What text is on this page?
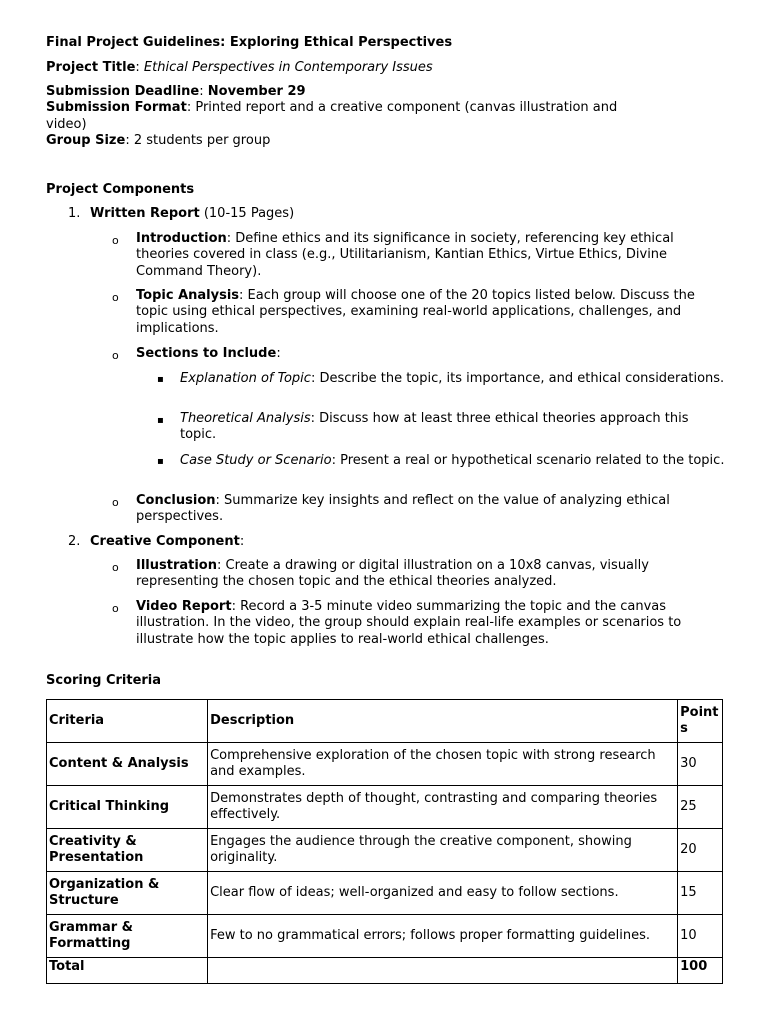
Final Project Guidelines: Exploring Ethical Perspectives
Project Title: Ethical Perspectives in Contemporary Issues
Submission Deadline: November 29
Submission Format: Printed report and a creative component (canvas illustration and
video)
Group Size: 2 students per group
Project Components
1. Written Report (10-15 Pages)
o Introduction: Define ethics and its significance in society, referencing key ethical theories covered in class (e.g., Utilitarianism, Kantian Ethics, Virtue Ethics, Divine Command Theory).
o Topic Analysis: Each group will choose one of the 20 topics listed below. Discuss the topic using ethical perspectives, examining real-world applications, challenges, and implications.
o Sections to Include:
▪ Explanation of Topic: Describe the topic, its importance, and ethical considerations.
▪ Theoretical Analysis: Discuss how at least three ethical theories approach this topic.
▪ Case Study or Scenario: Present a real or hypothetical scenario related to the topic.
o Conclusion: Summarize key insights and reflect on the value of analyzing ethical perspectives.
2. Creative Component:
o Illustration: Create a drawing or digital illustration on a 10x8 canvas, visually representing the chosen topic and the ethical theories analyzed.
o Video Report: Record a 3-5 minute video summarizing the topic and the canvas illustration. In the video, the group should explain real-life examples or scenarios to illustrate how the topic applies to real-world ethical challenges.
Scoring Criteria
Criteria	Description	Points
Content & Analysis	Comprehensive exploration of the chosen topic with strong research and examples.	30
Critical Thinking	Demonstrates depth of thought, contrasting and comparing theories effectively.	25
Creativity & Presentation	Engages the audience through the creative component, showing originality.	20
Organization & Structure	Clear flow of ideas; well-organized and easy to follow sections.	15
Grammar & Formatting	Few to no grammatical errors; follows proper formatting guidelines.	10
Total		100
